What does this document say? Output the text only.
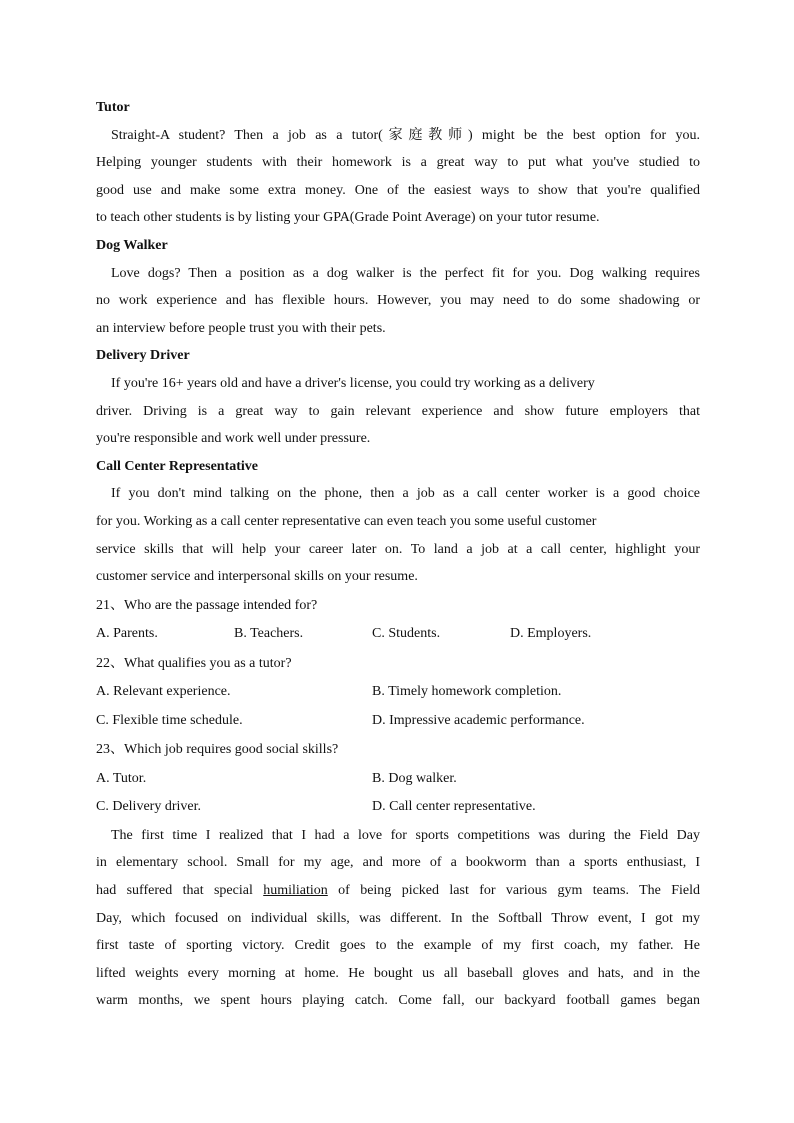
Tutor
Straight-A student? Then a job as a tutor(家庭教师) might be the best option for you.
Helping younger students with their homework is a great way to put what you've studied to
good use and make some extra money. One of the easiest ways to show that you're qualified
to teach other students is by listing your GPA(Grade Point Average) on your tutor resume.
Dog Walker
Love dogs? Then a position as a dog walker is the perfect fit for you. Dog walking requires
no work experience and has flexible hours. However, you may need to do some shadowing or
an interview before people trust you with their pets.
Delivery Driver
If you're 16+ years old and have a driver's license, you could try working as a delivery
driver. Driving is a great way to gain relevant experience and show future employers that
you're responsible and work well under pressure.
Call Center Representative
If you don't mind talking on the phone, then a job as a call center worker is a good choice
for you. Working as a call center representative can even teach you some useful customer
service skills that will help your career later on. To land a job at a call center, highlight your
customer service and interpersonal skills on your resume.
21、Who are the passage intended for?
A. Parents.	B. Teachers.	C. Students.	D. Employers.
22、What qualifies you as a tutor?
A. Relevant experience.	B. Timely homework completion.
C. Flexible time schedule.	D. Impressive academic performance.
23、Which job requires good social skills?
A. Tutor.	B. Dog walker.
C. Delivery driver.	D. Call center representative.
The first time I realized that I had a love for sports competitions was during the Field Day
in elementary school. Small for my age, and more of a bookworm than a sports enthusiast, I
had suffered that special humiliation of being picked last for various gym teams. The Field
Day, which focused on individual skills, was different. In the Softball Throw event, I got my
first taste of sporting victory. Credit goes to the example of my first coach, my father. He
lifted weights every morning at home. He bought us all baseball gloves and hats, and in the
warm months, we spent hours playing catch. Come fall, our backyard football games began
